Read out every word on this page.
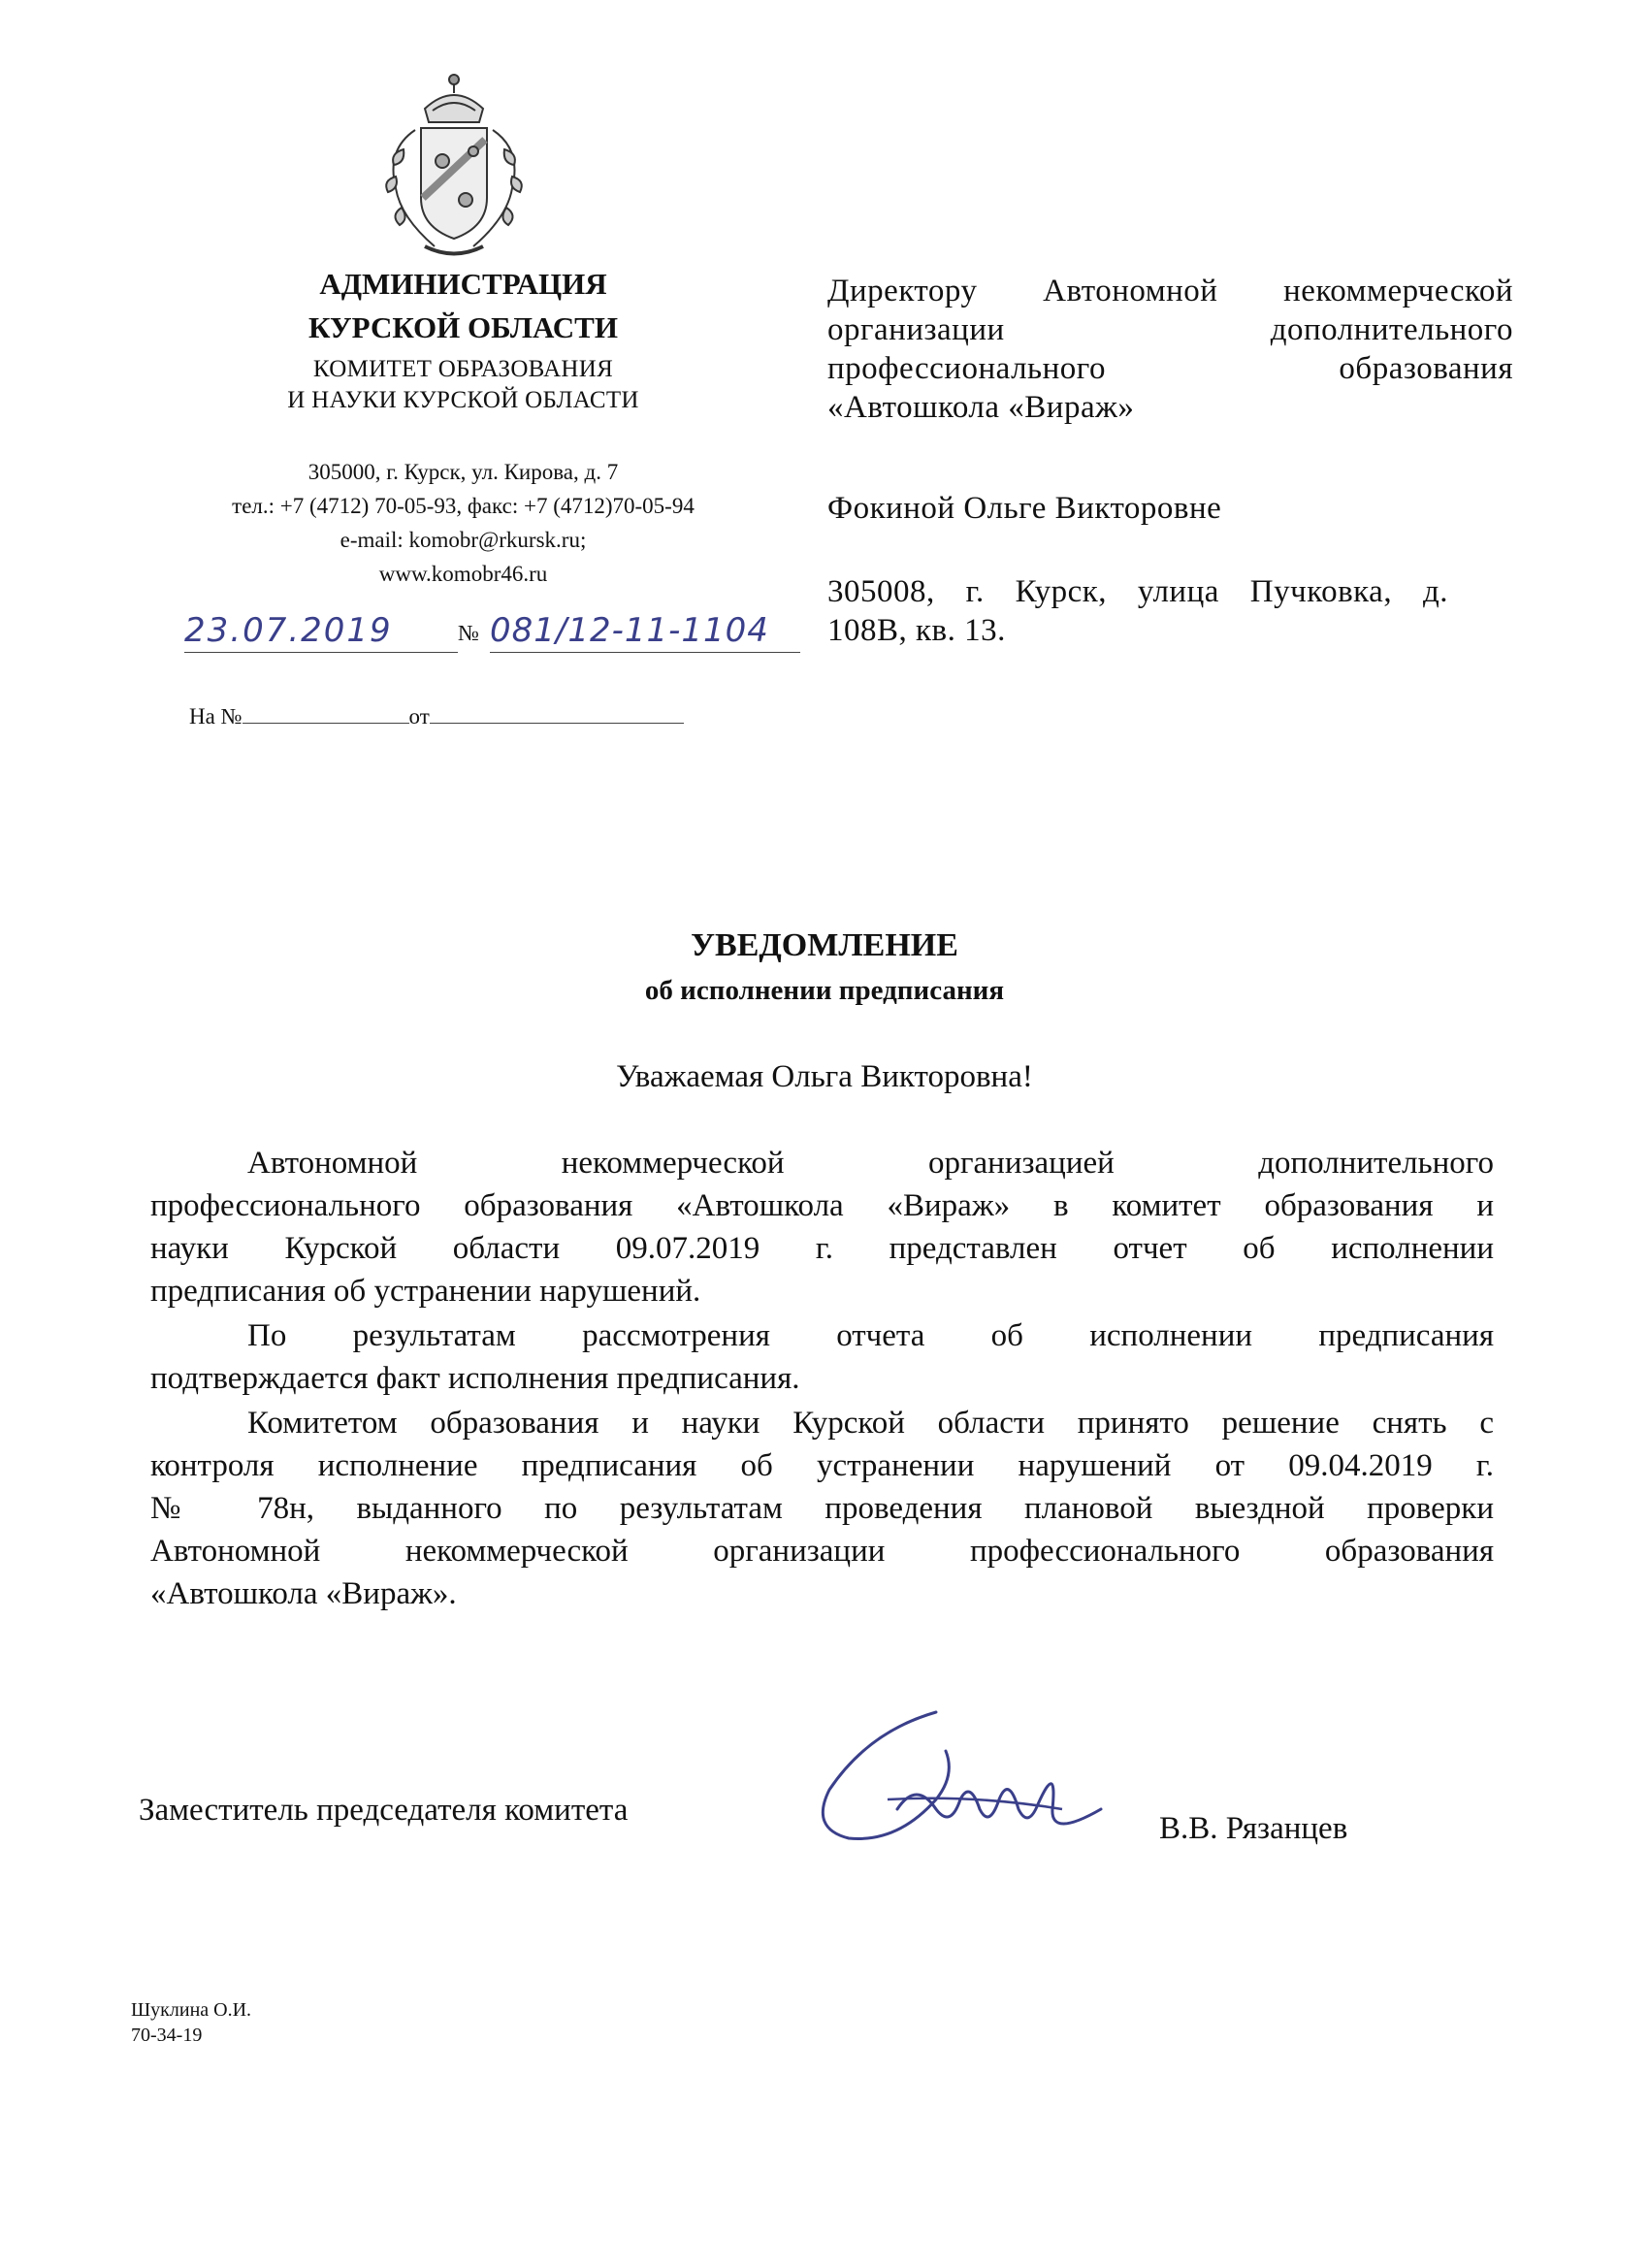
АДМИНИСТРАЦИЯ
КУРСКОЙ ОБЛАСТИ
КОМИТЕТ ОБРАЗОВАНИЯ
И НАУКИ КУРСКОЙ ОБЛАСТИ
305000, г. Курск, ул. Кирова, д. 7
тел.: +7 (4712) 70-05-93, факс: +7 (4712)70-05-94
e-mail: komobr@rkursk.ru;
www.komobr46.ru
23.07.2019	№ 081/12-11-1104
На №	от
Директору Автономной некоммерческой
организации дополнительного
профессионального образования
«Автошкола «Вираж»
Фокиной Ольге Викторовне
305008, г. Курск, улица Пучковка, д.
108В, кв. 13.
УВЕДОМЛЕНИЕ
об исполнении предписания
Уважаемая Ольга Викторовна!
Автономной некоммерческой организацией дополнительного
профессионального образования «Автошкола «Вираж» в комитет образования и
науки Курской области 09.07.2019 г. представлен отчет об исполнении
предписания об устранении нарушений.
По результатам рассмотрения отчета об исполнении предписания
подтверждается факт исполнения предписания.
Комитетом образования и науки Курской области принято решение снять с
контроля исполнение предписания об устранении нарушений от 09.04.2019 г.
№ 78н, выданного по результатам проведения плановой выездной проверки
Автономной некоммерческой организации профессионального образования
«Автошкола «Вираж».
Заместитель председателя комитета
В.В. Рязанцев
Шуклина О.И.
70-34-19
